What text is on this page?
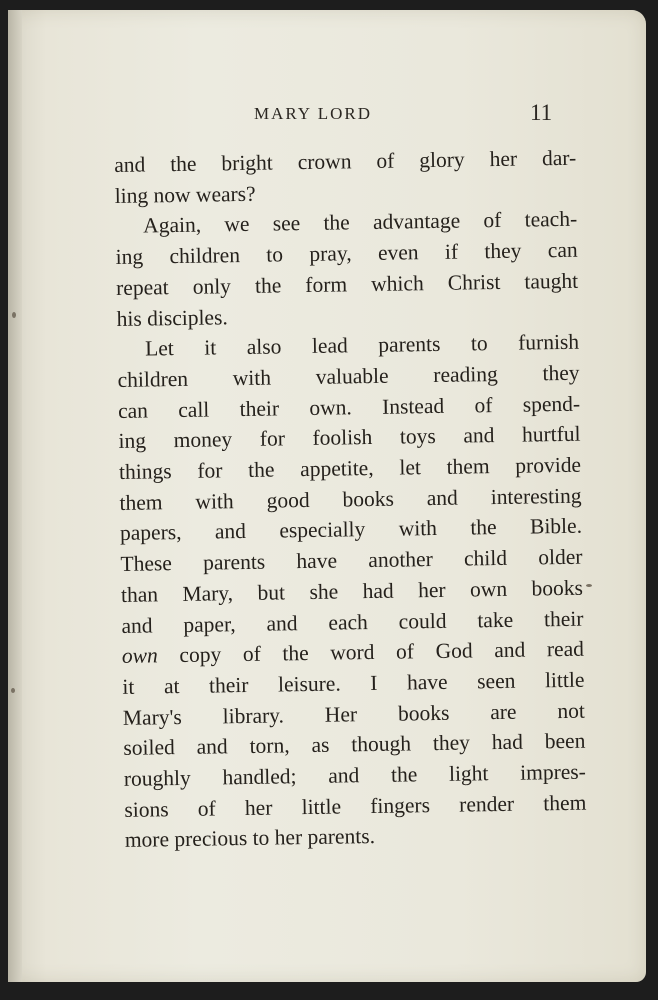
MARY LORD	11
and the bright crown of glory her dar-
ling now wears?
Again, we see the advantage of teach-
ing children to pray, even if they can
repeat only the form which Christ taught
his disciples.
Let it also lead parents to furnish
children with valuable reading they
can call their own. Instead of spend-
ing money for foolish toys and hurtful
things for the appetite, let them provide
them with good books and interesting
papers, and especially with the Bible.
These parents have another child older
than Mary, but she had her own books
and paper, and each could take their
own copy of the word of God and read
it at their leisure. I have seen little
Mary's library. Her books are not
soiled and torn, as though they had been
roughly handled; and the light impres-
sions of her little fingers render them
more precious to her parents.
